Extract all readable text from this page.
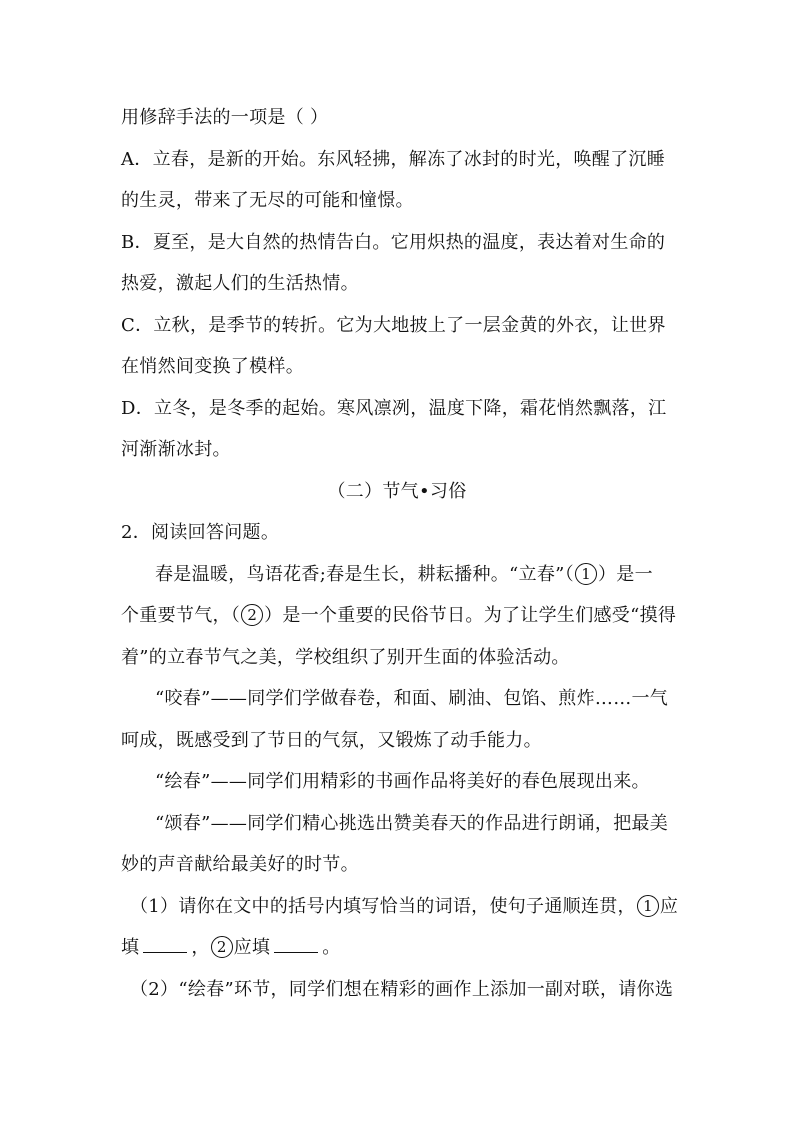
用修辞手法的一项是（ ）
A．立春，是新的开始。东风轻拂，解冻了冰封的时光，唤醒了沉睡
的生灵，带来了无尽的可能和憧憬。
B．夏至，是大自然的热情告白。它用炽热的温度，表达着对生命的
热爱，激起人们的生活热情。
C．立秋，是季节的转折。它为大地披上了一层金黄的外衣，让世界
在悄然间变换了模样。
D．立冬，是冬季的起始。寒风凛冽，温度下降，霜花悄然飘落，江
河渐渐冰封。
（二）节气•习俗
2．阅读回答问题。
春是温暖，鸟语花香;春是生长，耕耘播种。“立春”（ 1 ）是一
个重要节气，（ 2 ）是一个重要的民俗节日。为了让学生们感受“摸得
着”的立春节气之美，学校组织了别开生面的体验活动。
“咬春”——同学们学做春卷，和面、刷油、包馅、煎炸……一气
呵成，既感受到了节日的气氛，又锻炼了动手能力。
“绘春”——同学们用精彩的书画作品将美好的春色展现出来。
“颂春”——同学们精心挑选出赞美春天的作品进行朗诵，把最美
妙的声音献给最美好的时节。
（1）请你在文中的括号内填写恰当的词语，使句子通顺连贯， 1 应
填	， 2 应填	。
（2）“绘春”环节，同学们想在精彩的画作上添加一副对联，请你选
